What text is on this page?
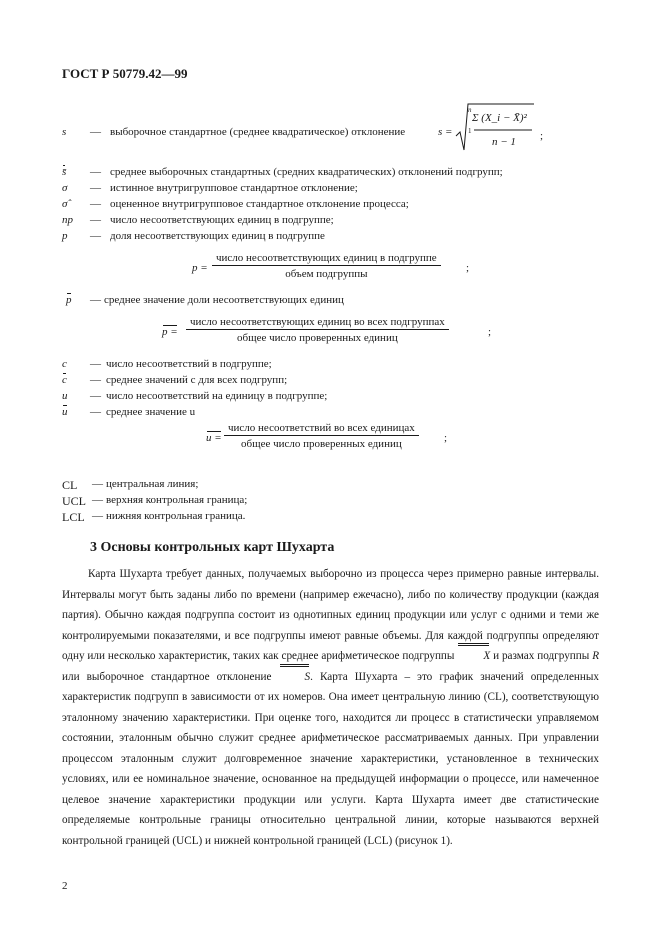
ГОСТ Р 50779.42—99
s — выборочное стандартное (среднее квадратическое) отклонение	s =
n
Σ (X_i − X̄)²
1
n − 1 ;
s̄ — среднее выборочных стандартных (средних квадратических) отклонений подгрупп;
σ — истинное внутригрупповое стандартное отклонение;
σ̂ — оцененное внутригрупповое стандартное отклонение процесса;
np — число несоответствующих единиц в подгруппе;
p — доля несоответствующих единиц в подгруппе
p =
число несоответствующих единиц в подгруппе
объем подгруппы	;
p — среднее значение доли несоответствующих единиц
p =
число несоответствующих единиц во всех подгруппах
общее число проверенных единиц	;
c — число несоответствий в подгруппе;
c — среднее значений c для всех подгрупп;
u — число несоответствий на единицу в подгруппе;
u — среднее значение u
u =
число несоответствий во всех единицах
общее число проверенных единиц	;
CL — центральная линия;
UCL — верхняя контрольная граница;
LCL — нижняя контрольная граница.
3 Основы контрольных карт Шухарта
Карта Шухарта требует данных, получаемых выборочно из процесса через примерно равные интервалы. Интервалы могут быть заданы либо по времени (например ежечасно), либо по количеству продукции (каждая партия). Обычно каждая подгруппа состоит из однотипных единиц продукции или услуг с одними и теми же контролируемыми показателями, и все подгруппы имеют равные объемы. Для каждой подгруппы определяют одну или несколько характеристик, таких как среднее арифметическое подгруппы	X и размах подгруппы R или выборочное стандартное отклонение	S. Карта Шухарта – это график значений определенных характеристик подгрупп в зависимости от их номеров. Она имеет центральную линию (CL), соответствующую эталонному значению характеристики. При оценке того, находится ли процесс в статистически управляемом состоянии, эталонным обычно служит среднее арифметическое рассматриваемых данных. При управлении процессом эталонным служит долговременное значение характеристики, установленное в технических условиях, или ее номинальное значение, основанное на предыдущей информации о процессе, или намеченное целевое значение характеристики продукции или услуги. Карта Шухарта имеет две статистические определяемые контрольные границы относительно центральной линии, которые называются верхней контрольной границей (UCL) и нижней контрольной границей (LCL) (рисунок 1).
2
